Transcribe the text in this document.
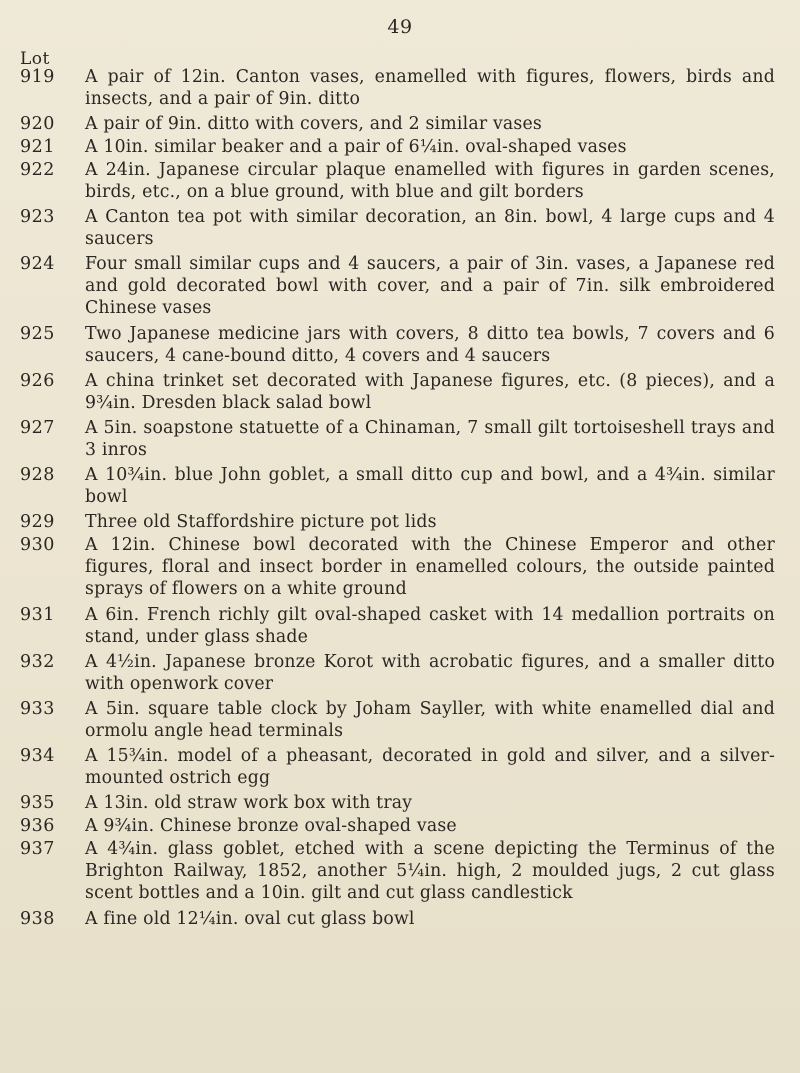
49
Lot
919	A pair of 12in. Canton vases, enamelled with figures, flowers, birds and insects, and a pair of 9in. ditto
920	A pair of 9in. ditto with covers, and 2 similar vases
921	A 10in. similar beaker and a pair of 6¼in. oval-shaped vases
922	A 24in. Japanese circular plaque enamelled with figures in garden scenes, birds, etc., on a blue ground, with blue and gilt borders
923	A Canton tea pot with similar decoration, an 8in. bowl, 4 large cups and 4 saucers
924	Four small similar cups and 4 saucers, a pair of 3in. vases, a Japanese red and gold decorated bowl with cover, and a pair of 7in. silk embroidered Chinese vases
925	Two Japanese medicine jars with covers, 8 ditto tea bowls, 7 covers and 6 saucers, 4 cane-bound ditto, 4 covers and 4 saucers
926	A china trinket set decorated with Japanese figures, etc. (8 pieces), and a 9¾in. Dresden black salad bowl
927	A 5in. soapstone statuette of a Chinaman, 7 small gilt tortoiseshell trays and 3 inros
928	A 10¾in. blue John goblet, a small ditto cup and bowl, and a 4¾in. similar bowl
929	Three old Staffordshire picture pot lids
930	A 12in. Chinese bowl decorated with the Chinese Emperor and other figures, floral and insect border in enamelled colours, the outside painted sprays of flowers on a white ground
931	A 6in. French richly gilt oval-shaped casket with 14 medallion portraits on stand, under glass shade
932	A 4½in. Japanese bronze Korot with acrobatic figures, and a smaller ditto with openwork cover
933	A 5in. square table clock by Joham Sayller, with white enamelled dial and ormolu angle head terminals
934	A 15¾in. model of a pheasant, decorated in gold and silver, and a silver-mounted ostrich egg
935	A 13in. old straw work box with tray
936	A 9¾in. Chinese bronze oval-shaped vase
937	A 4¾in. glass goblet, etched with a scene depicting the Terminus of the Brighton Railway, 1852, another 5¼in. high, 2 moulded jugs, 2 cut glass scent bottles and a 10in. gilt and cut glass candlestick
938	A fine old 12¼in. oval cut glass bowl
